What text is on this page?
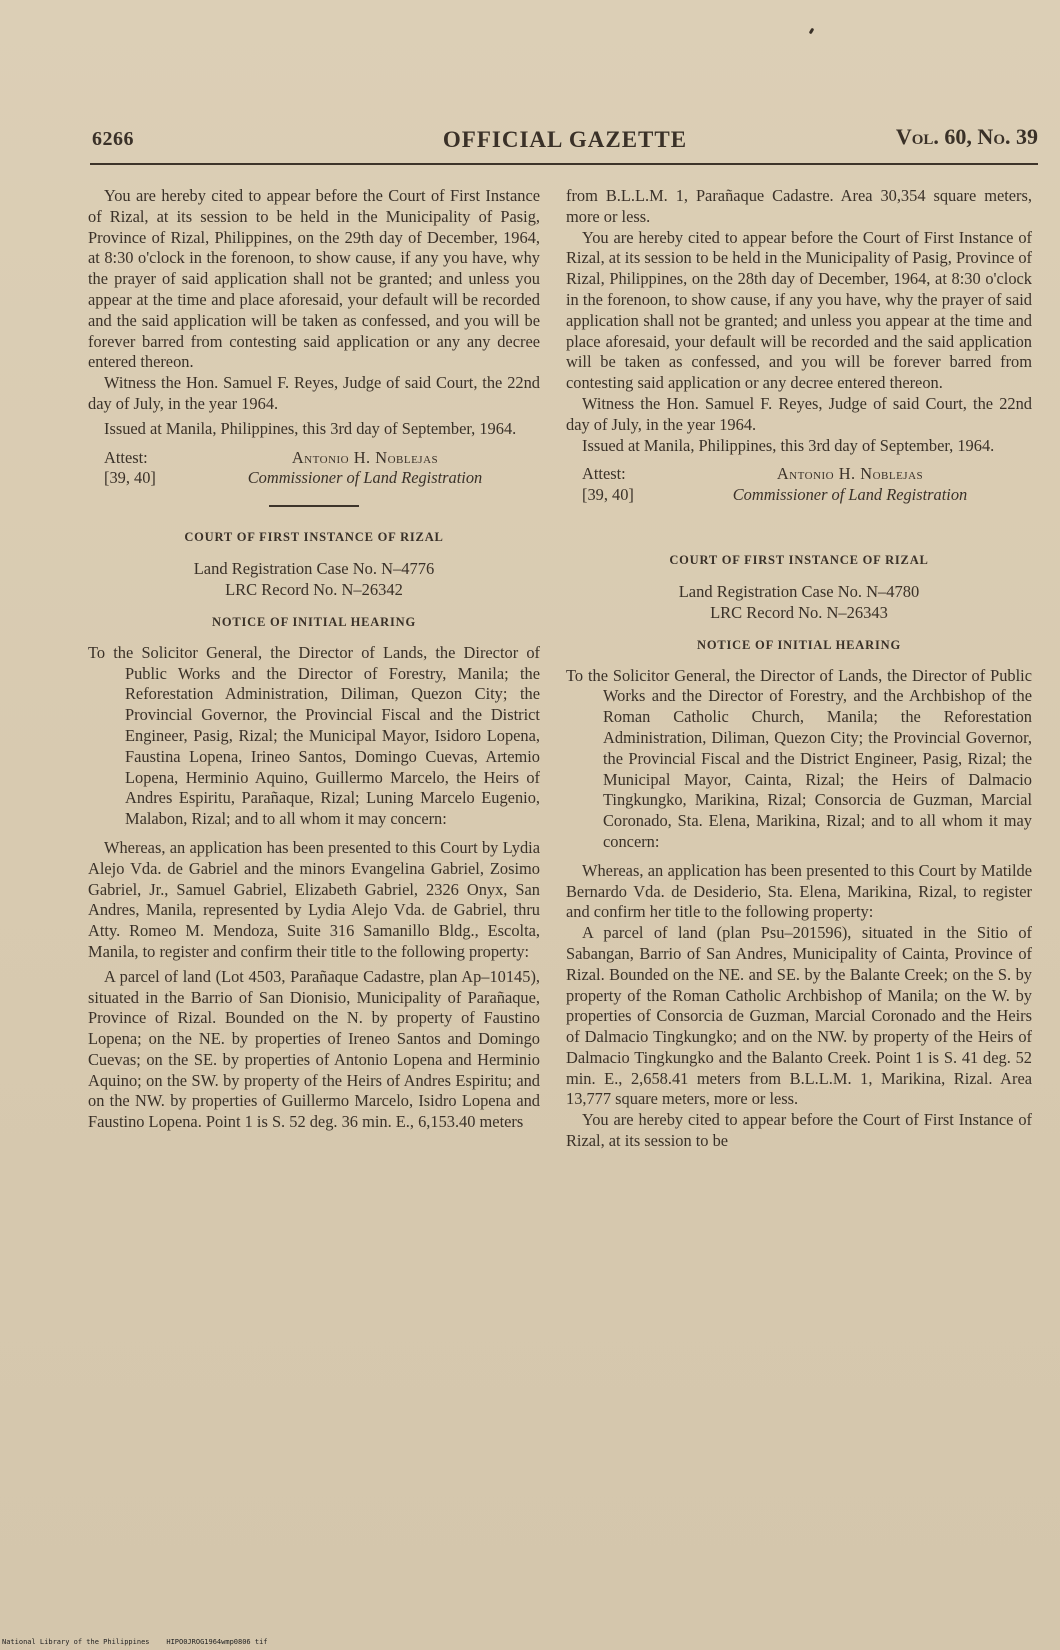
6266	OFFICIAL GAZETTE	Vol. 60, No. 39

You are hereby cited to appear before the Court of First Instance of Rizal, at its session to be held in the Municipality of Pasig, Province of Rizal, Philippines, on the 29th day of December, 1964, at 8:30 o'clock in the forenoon, to show cause, if any you have, why the prayer of said application shall not be granted; and unless you appear at the time and place aforesaid, your default will be recorded and the said application will be taken as confessed, and you will be forever barred from contesting said application or any any decree entered thereon.

Witness the Hon. Samuel F. Reyes, Judge of said Court, the 22nd day of July, in the year 1964.

Issued at Manila, Philippines, this 3rd day of September, 1964.

Attest:
[39, 40]
Antonio H. Noblejas
Commissioner of Land Registration
COURT OF FIRST INSTANCE OF RIZAL
Land Registration Case No. N–4776
LRC Record No. N–26342
NOTICE OF INITIAL HEARING

To the Solicitor General, the Director of Lands, the Director of Public Works and the Director of Forestry, Manila; the Reforestation Administration, Diliman, Quezon City; the Provincial Governor, the Provincial Fiscal and the District Engineer, Pasig, Rizal; the Municipal Mayor, Isidoro Lopena, Faustina Lopena, Irineo Santos, Domingo Cuevas, Artemio Lopena, Herminio Aquino, Guillermo Marcelo, the Heirs of Andres Espiritu, Parañaque, Rizal; Luning Marcelo Eugenio, Malabon, Rizal; and to all whom it may concern:

Whereas, an application has been presented to this Court by Lydia Alejo Vda. de Gabriel and the minors Evangelina Gabriel, Zosimo Gabriel, Jr., Samuel Gabriel, Elizabeth Gabriel, 2326 Onyx, San Andres, Manila, represented by Lydia Alejo Vda. de Gabriel, thru Atty. Romeo M. Mendoza, Suite 316 Samanillo Bldg., Escolta, Manila, to register and confirm their title to the following property:

A parcel of land (Lot 4503, Parañaque Cadastre, plan Ap–10145), situated in the Barrio of San Dionisio, Municipality of Parañaque, Province of Rizal. Bounded on the N. by property of Faustino Lopena; on the NE. by properties of Ireneo Santos and Domingo Cuevas; on the SE. by properties of Antonio Lopena and Herminio Aquino; on the SW. by property of the Heirs of Andres Espiritu; and on the NW. by properties of Guillermo Marcelo, Isidro Lopena and Faustino Lopena. Point 1 is S. 52 deg. 36 min. E., 6,153.40 meters

from B.L.L.M. 1, Parañaque Cadastre. Area 30,354 square meters, more or less.

You are hereby cited to appear before the Court of First Instance of Rizal, at its session to be held in the Municipality of Pasig, Province of Rizal, Philippines, on the 28th day of December, 1964, at 8:30 o'clock in the forenoon, to show cause, if any you have, why the prayer of said application shall not be granted; and unless you appear at the time and place aforesaid, your default will be recorded and the said application will be taken as confessed, and you will be forever barred from contesting said application or any decree entered thereon.

Witness the Hon. Samuel F. Reyes, Judge of said Court, the 22nd day of July, in the year 1964.

Issued at Manila, Philippines, this 3rd day of September, 1964.

Attest:
[39, 40]
Antonio H. Noblejas
Commissioner of Land Registration
COURT OF FIRST INSTANCE OF RIZAL
Land Registration Case No. N–4780
LRC Record No. N–26343
NOTICE OF INITIAL HEARING

To the Solicitor General, the Director of Lands, the Director of Public Works and the Director of Forestry, and the Archbishop of the Roman Catholic Church, Manila; the Reforestation Administration, Diliman, Quezon City; the Provincial Governor, the Provincial Fiscal and the District Engineer, Pasig, Rizal; the Municipal Mayor, Cainta, Rizal; the Heirs of Dalmacio Tingkungko, Marikina, Rizal; Consorcia de Guzman, Marcial Coronado, Sta. Elena, Marikina, Rizal; and to all whom it may concern:

Whereas, an application has been presented to this Court by Matilde Bernardo Vda. de Desiderio, Sta. Elena, Marikina, Rizal, to register and confirm her title to the following property:

A parcel of land (plan Psu–201596), situated in the Sitio of Sabangan, Barrio of San Andres, Municipality of Cainta, Province of Rizal. Bounded on the NE. and SE. by the Balante Creek; on the S. by property of the Roman Catholic Archbishop of Manila; on the W. by properties of Consorcia de Guzman, Marcial Coronado and the Heirs of Dalmacio Tingkungko; and on the NW. by property of the Heirs of Dalmacio Tingkungko and the Balanto Creek. Point 1 is S. 41 deg. 52 min. E., 2,658.41 meters from B.L.L.M. 1, Marikina, Rizal. Area 13,777 square meters, more or less.

You are hereby cited to appear before the Court of First Instance of Rizal, at its session to be

National Library of the Philippines    HIPO0JROG1964wmp0806 tif
